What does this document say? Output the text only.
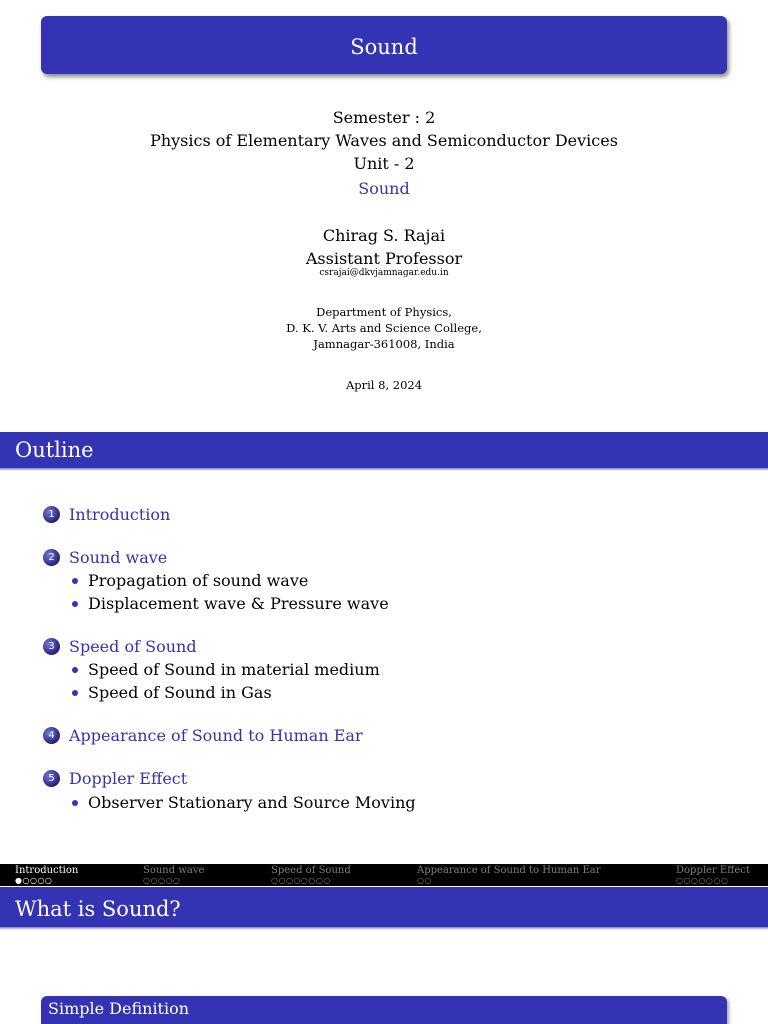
Sound
Semester : 2
Physics of Elementary Waves and Semiconductor Devices
Unit - 2
Sound
Chirag S. Rajai
Assistant Professor
csrajai@dkvjamnagar.edu.in
Department of Physics,
D. K. V. Arts and Science College,
Jamnagar-361008, India
April 8, 2024
Outline
1 Introduction
2 Sound wave
Propagation of sound wave
Displacement wave & Pressure wave
3 Speed of Sound
Speed of Sound in material medium
Speed of Sound in Gas
4 Appearance of Sound to Human Ear
5 Doppler Effect
Observer Stationary and Source Moving
Introduction
●○○○○
Sound wave
○○○○○
Speed of Sound
○○○○○○○○
Appearance of Sound to Human Ear
○○
Doppler Effect
○○○○○○○
What is Sound?
Simple Definition
